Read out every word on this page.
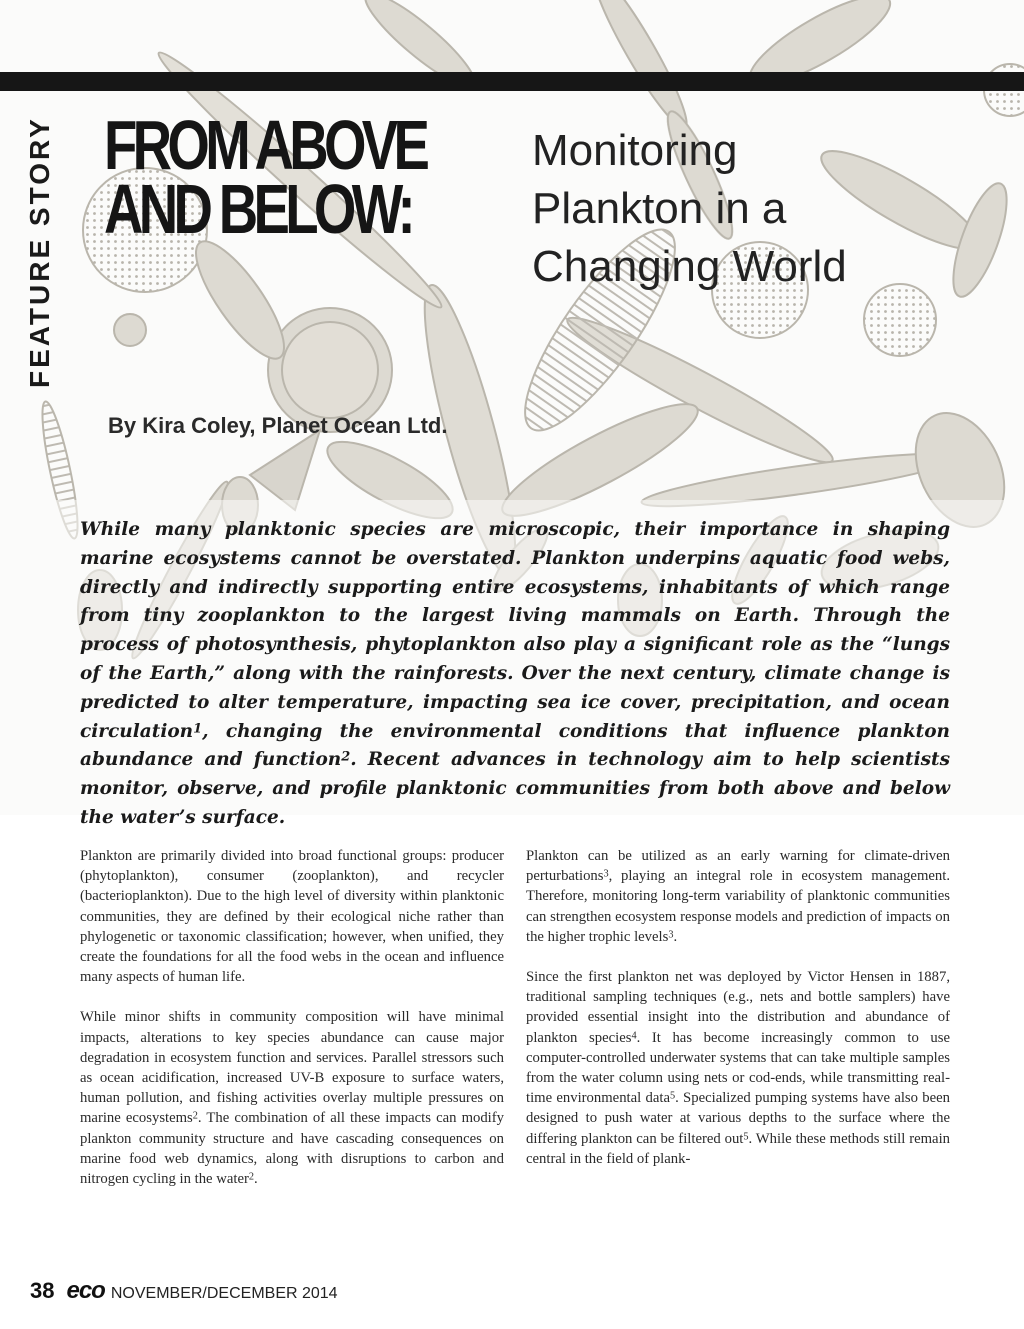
FEATURE STORY FROM ABOVE
AND BELOW:
Monitoring
Plankton in a
Changing World
By Kira Coley, Planet Ocean Ltd.
While many planktonic species are microscopic, their importance in shaping marine ecosystems cannot be overstated. Plankton underpins aquatic food webs, directly and indirectly supporting entire ecosystems, inhabitants of which range from tiny zooplankton to the largest living mammals on Earth. Through the process of photosynthesis, phytoplankton also play a significant role as the “lungs of the Earth,” along with the rainforests. Over the next century, climate change is predicted to alter temperature, impacting sea ice cover, precipitation, and ocean circulation$^1$, changing the environmental conditions that influence plankton abundance and function$^2$. Recent advances in technology aim to help scientists monitor, observe, and profile planktonic communities from both above and below the water’s surface.

Plankton are primarily divided into broad functional groups: producer (phytoplankton), consumer (zooplankton), and recycler (bacterioplankton). Due to the high level of diversity within planktonic communities, they are defined by their ecological niche rather than phylogenetic or taxonomic classification; however, when unified, they create the foundations for all the food webs in the ocean and influence many aspects of human life.

While minor shifts in community composition will have minimal impacts, alterations to key species abundance can cause major degradation in ecosystem function and services. Parallel stressors such as ocean acidification, increased UV-B exposure to surface waters, human pollution, and fishing activities overlay multiple pressures on marine ecosystems$^2$. The combination of all these impacts can modify plankton community structure and have cascading consequences on marine food web dynamics, along with disruptions to carbon and nitrogen cycling in the water$^2$.

Plankton can be utilized as an early warning for climate-driven perturbations$^3$, playing an integral role in ecosystem management. Therefore, monitoring long-term variability of planktonic communities can strengthen ecosystem response models and prediction of impacts on the higher trophic levels$^3$.

Since the first plankton net was deployed by Victor Hensen in 1887, traditional sampling techniques (e.g., nets and bottle samplers) have provided essential insight into the distribution and abundance of plankton species$^4$. It has become increasingly common to use computer-controlled underwater systems that can take multiple samples from the water column using nets or cod-ends, while transmitting real-time environmental data$^5$. Specialized pumping systems have also been designed to push water at various depths to the surface where the differing plankton can be filtered out$^5$. While these methods still remain central in the field of plank-

38 eco NOVEMBER/DECEMBER 2014
